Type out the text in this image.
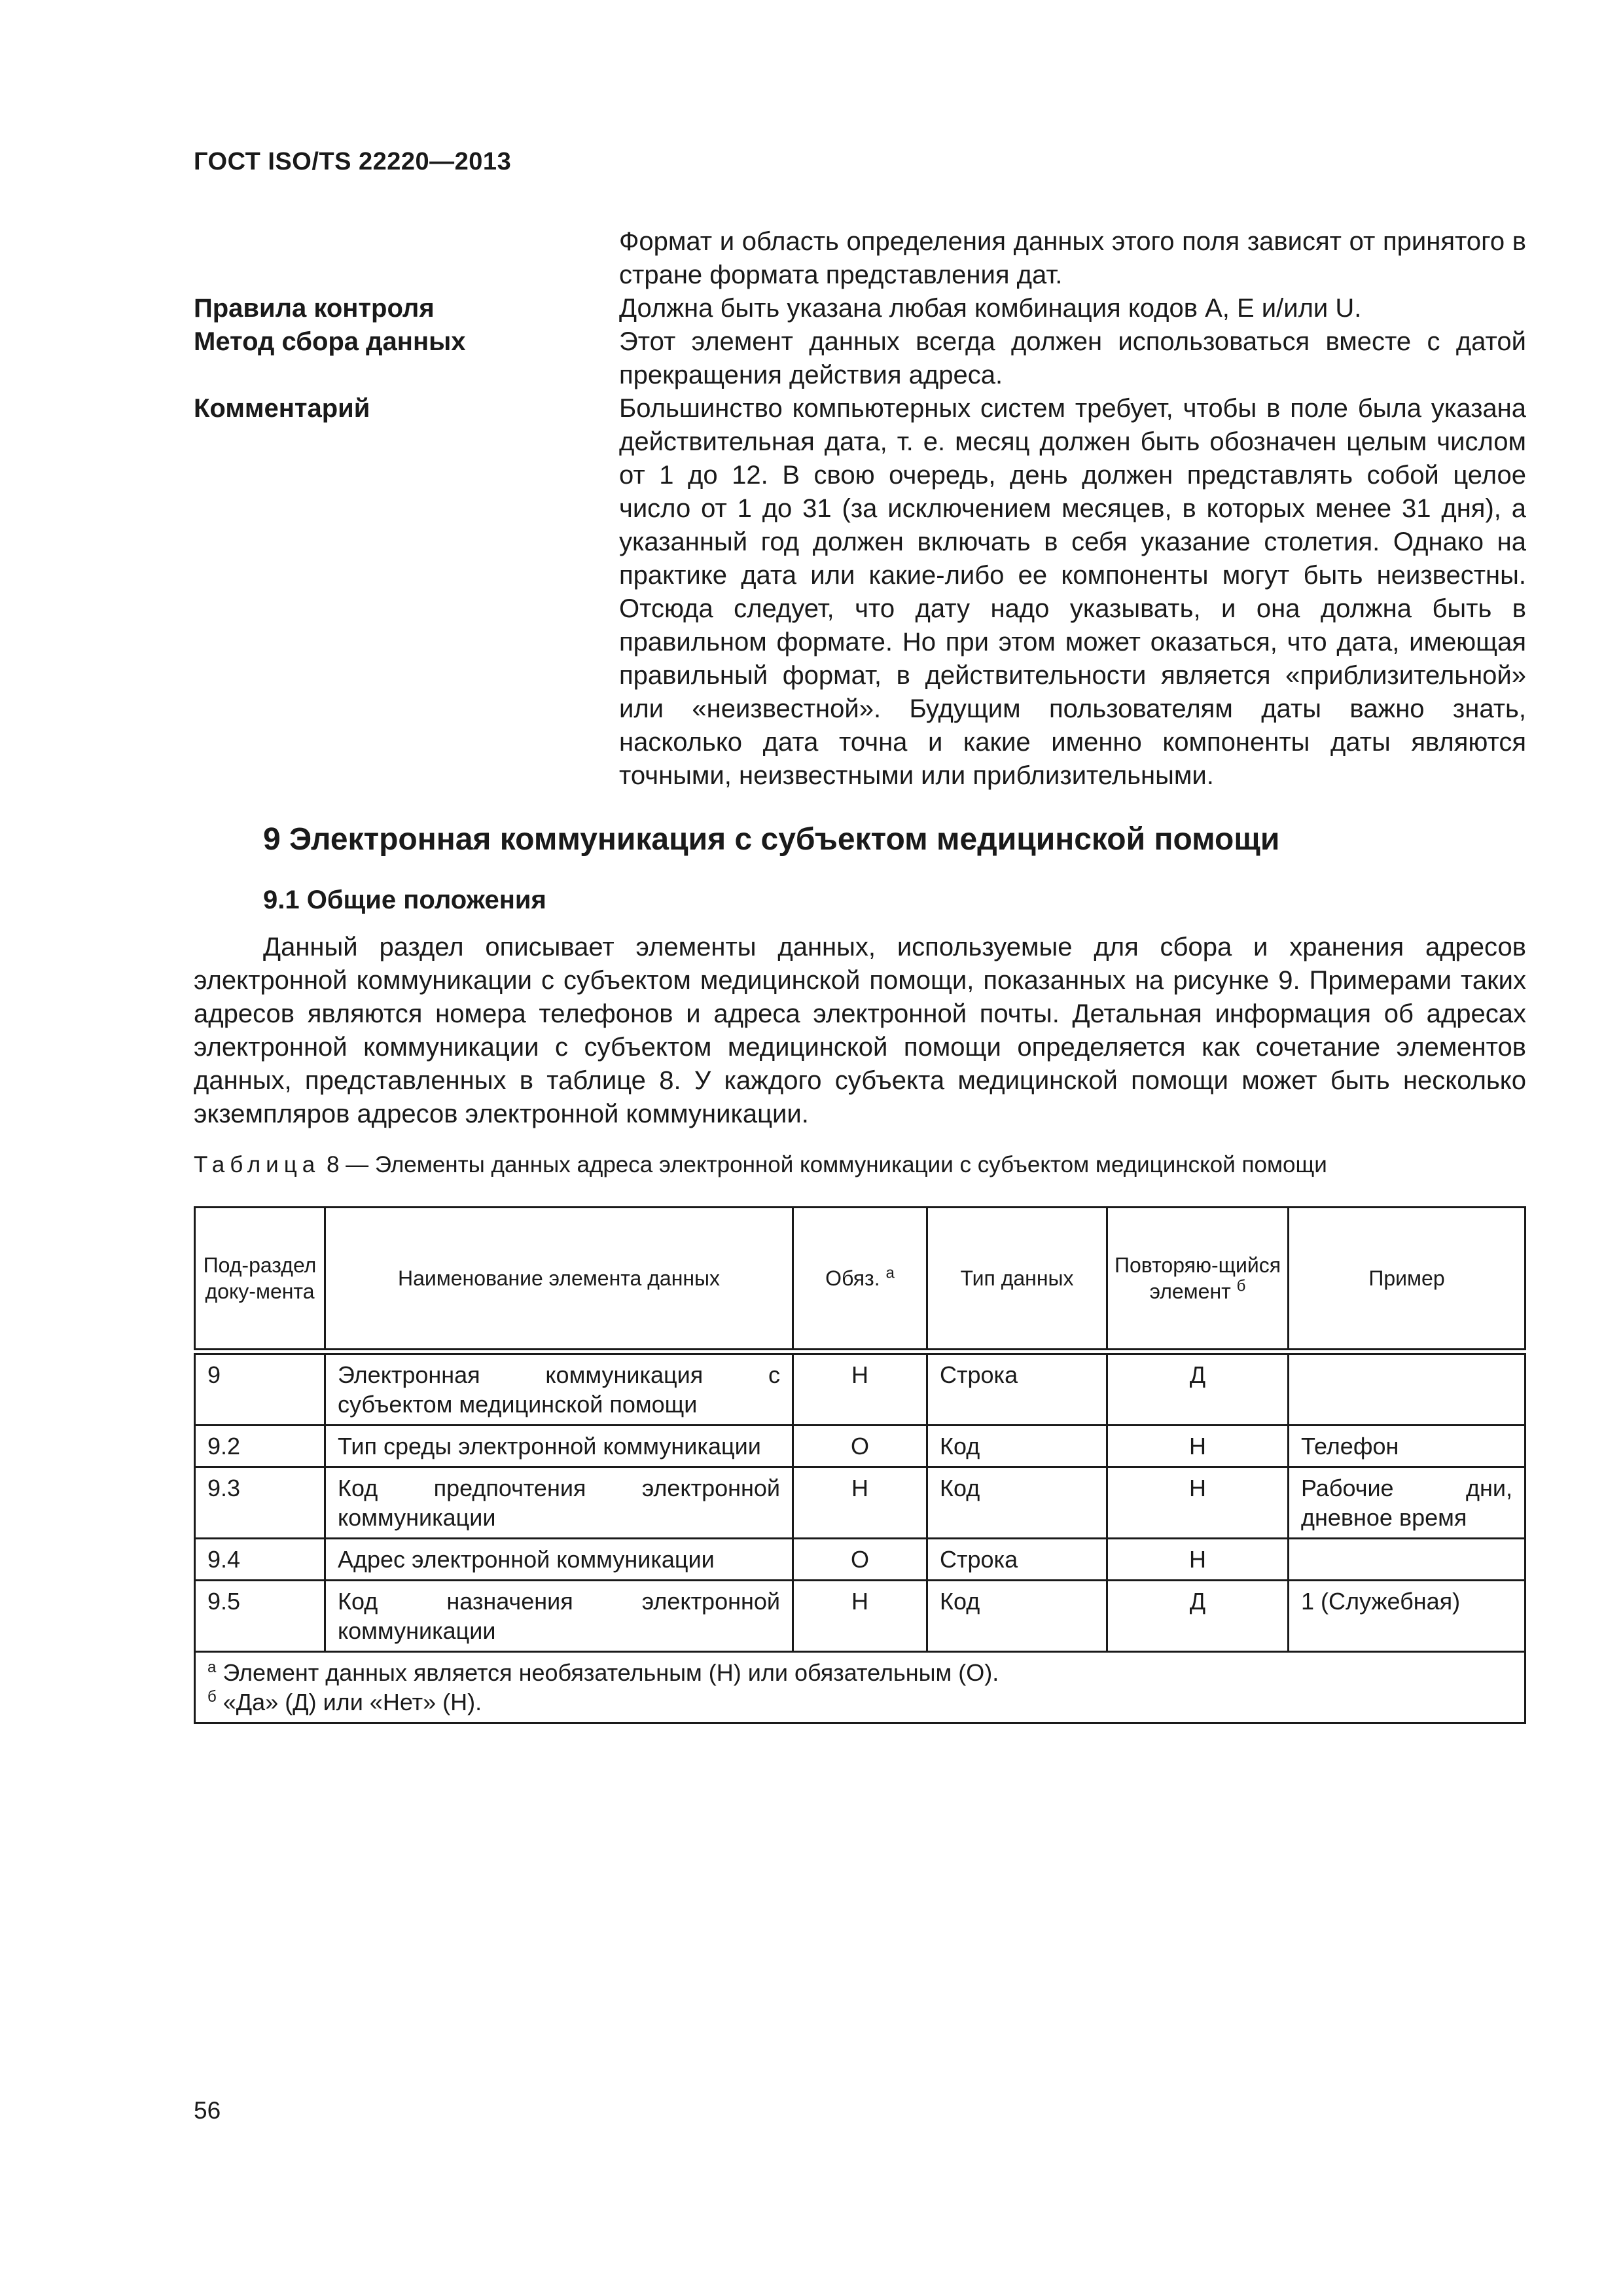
ГОСТ ISO/TS 22220—2013
Формат и область определения данных этого поля зависят от принятого в стране формата представления дат.
Правила контроля	Должна быть указана любая комбинация кодов A, E и/или U.
Метод сбора данных	Этот элемент данных всегда должен использоваться вместе с датой прекращения действия адреса.
Комментарий	Большинство компьютерных систем требует, чтобы в поле была указана действительная дата, т. е. месяц должен быть обозначен целым числом от 1 до 12. В свою очередь, день должен представлять собой целое число от 1 до 31 (за исключением месяцев, в которых менее 31 дня), а указанный год должен включать в себя указание столетия. Однако на практике дата или какие-либо ее компоненты могут быть неизвестны. Отсюда следует, что дату надо указывать, и она должна быть в правильном формате. Но при этом может оказаться, что дата, имеющая правильный формат, в действительности является «приблизительной» или «неизвестной». Будущим пользователям даты важно знать, насколько дата точна и какие именно компоненты даты являются точными, неизвестными или приблизительными.
9 Электронная коммуникация с субъектом медицинской помощи
9.1 Общие положения

Данный раздел описывает элементы данных, используемые для сбора и хранения адресов электронной коммуникации с субъектом медицинской помощи, показанных на рисунке 9. Примерами таких адресов являются номера телефонов и адреса электронной почты. Детальная информация об адресах электронной коммуникации с субъектом медицинской помощи определяется как сочетание элементов данных, представленных в таблице 8. У каждого субъекта медицинской помощи может быть несколько экземпляров адресов электронной коммуникации.

Таблица 8 — Элементы данных адреса электронной коммуникации с субъектом медицинской помощи
Под-раздел доку-мента	Наименование элемента данных	Обяз. $^а$	Тип данных	Повторяю-щийся элемент $^б$	Пример
9	Электронная коммуникация с субъектом медицинской помощи	Н	Строка	Д	
9.2	Тип среды электронной коммуникации	О	Код	Н	Телефон
9.3	Код предпочтения электронной коммуникации	Н	Код	Н	Рабочие дни, дневное время
9.4	Адрес электронной коммуникации	О	Строка	Н	
9.5	Код назначения электронной коммуникации	Н	Код	Д	1 (Служебная)

$^а$ Элемент данных является необязательным (Н) или обязательным (О).
$^б$ «Да» (Д) или «Нет» (Н).					
56
